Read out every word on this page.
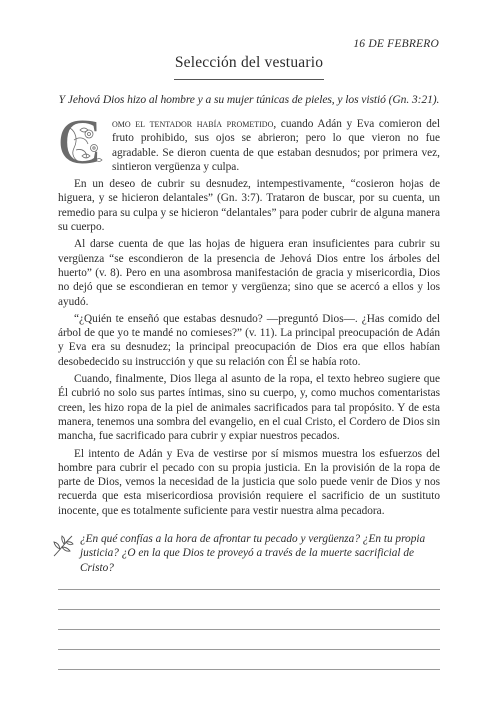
16 DE FEBRERO
Selección del vestuario
Y Jehová Dios hizo al hombre y a su mujer túnicas de pieles, y los vistió (Gn. 3:21).

C omo el tentador había prometido, cuando Adán y Eva comieron del fruto prohibido, sus ojos se abrieron; pero lo que vieron no fue agradable. Se dieron cuenta de que estaban desnudos; por primera vez, sintieron vergüenza y culpa.

En un deseo de cubrir su desnudez, intempestivamente, “cosieron hojas de higuera, y se hicieron delantales” (Gn. 3:7). Trataron de buscar, por su cuenta, un remedio para su culpa y se hicieron “delantales” para poder cubrir de alguna manera su cuerpo.

Al darse cuenta de que las hojas de higuera eran insuficientes para cubrir su vergüenza “se escondieron de la presencia de Jehová Dios entre los árboles del huerto” (v. 8). Pero en una asombrosa manifestación de gracia y misericordia, Dios no dejó que se escondieran en temor y vergüenza; sino que se acercó a ellos y los ayudó.

“¿Quién te enseñó que estabas desnudo? —preguntó Dios—. ¿Has comido del árbol de que yo te mandé no comieses?” (v. 11). La principal preocupación de Adán y Eva era su desnudez; la principal preocupación de Dios era que ellos habían desobedecido su instrucción y que su relación con Él se había roto.

Cuando, finalmente, Dios llega al asunto de la ropa, el texto hebreo sugiere que Él cubrió no solo sus partes íntimas, sino su cuerpo, y, como muchos comentaristas creen, les hizo ropa de la piel de animales sacrificados para tal propósito. Y de esta manera, tenemos una sombra del evangelio, en el cual Cristo, el Cordero de Dios sin mancha, fue sacrificado para cubrir y expiar nuestros pecados.

El intento de Adán y Eva de vestirse por sí mismos muestra los esfuerzos del hombre para cubrir el pecado con su propia justicia. En la provisión de la ropa de parte de Dios, vemos la necesidad de la justicia que solo puede venir de Dios y nos recuerda que esta misericordiosa provisión requiere el sacrificio de un sustituto inocente, que es totalmente suficiente para vestir nuestra alma pecadora.

¿En qué confías a la hora de afrontar tu pecado y vergüenza? ¿En tu propia justicia? ¿O en la que Dios te proveyó a través de la muerte sacrificial de Cristo?
